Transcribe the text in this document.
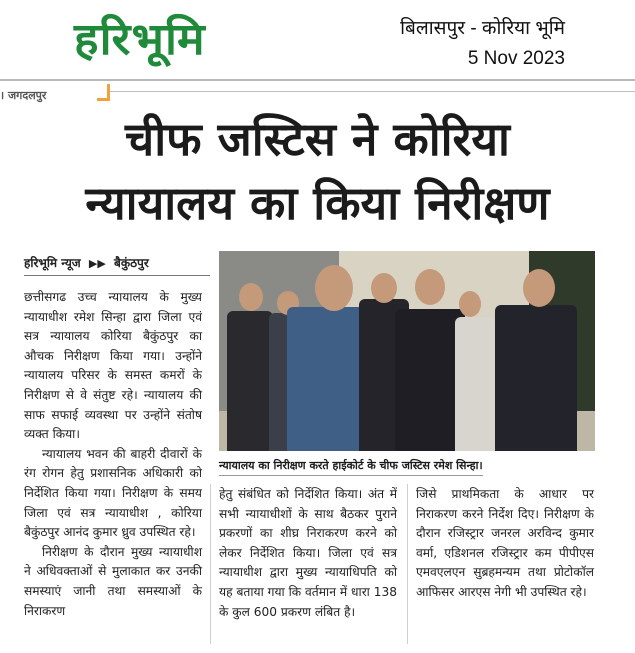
हरिभूमि	बिलासपुर - कोरिया भूमि
5 Nov 2023
। जगदलपुर
चीफ जस्टिस ने कोरिया
न्यायालय का किया निरीक्षण
हरिभूमि न्यूज ▶▶ बैकुंठपुर
न्यायालय का निरीक्षण करते हाईकोर्ट के चीफ जस्टिस रमेश सिन्हा।

छत्तीसगढ उच्च न्यायालय के मुख्य न्यायाधीश रमेश सिन्हा द्वारा जिला एवं सत्र न्यायालय कोरिया बैकुंठपुर का औचक निरीक्षण किया गया। उन्होंने न्यायालय परिसर के समस्त कमरों के निरीक्षण से वे संतुष्ट रहे। न्यायालय की साफ सफाई व्यवस्था पर उन्होंने संतोष व्यक्त किया।

न्यायालय भवन की बाहरी दीवारों के रंग रोगन हेतु प्रशासनिक अधिकारी को निर्देशित किया गया। निरीक्षण के समय जिला एवं सत्र न्यायाधीश , कोरिया बैकुंठपुर आनंद कुमार ध्रुव उपस्थित रहे।

निरीक्षण के दौरान मुख्य न्यायाधीश ने अधिवक्ताओं से मुलाकात कर उनकी समस्याएं जानी तथा समस्याओं के निराकरण

हेतु संबंधित को निर्देशित किया। अंत में सभी न्यायाधीशों के साथ बैठकर पुराने प्रकरणों का शीघ्र निराकरण करने को लेकर निर्देशित किया। जिला एवं सत्र न्यायाधीश द्वारा मुख्य न्यायाधिपति को यह बताया गया कि वर्तमान में धारा 138 के कुल 600 प्रकरण लंबित है।

जिसे प्राथमिकता के आधार पर निराकरण करने निर्देश दिए। निरीक्षण के दौरान रजिस्ट्रार जनरल अरविन्द कुमार वर्मा, एडिशनल रजिस्ट्रार कम पीपीएस एमवएलएन सुब्रहमन्यम तथा प्रोटोकॉल आफिसर आरएस नेगी भी उपस्थित रहे।
